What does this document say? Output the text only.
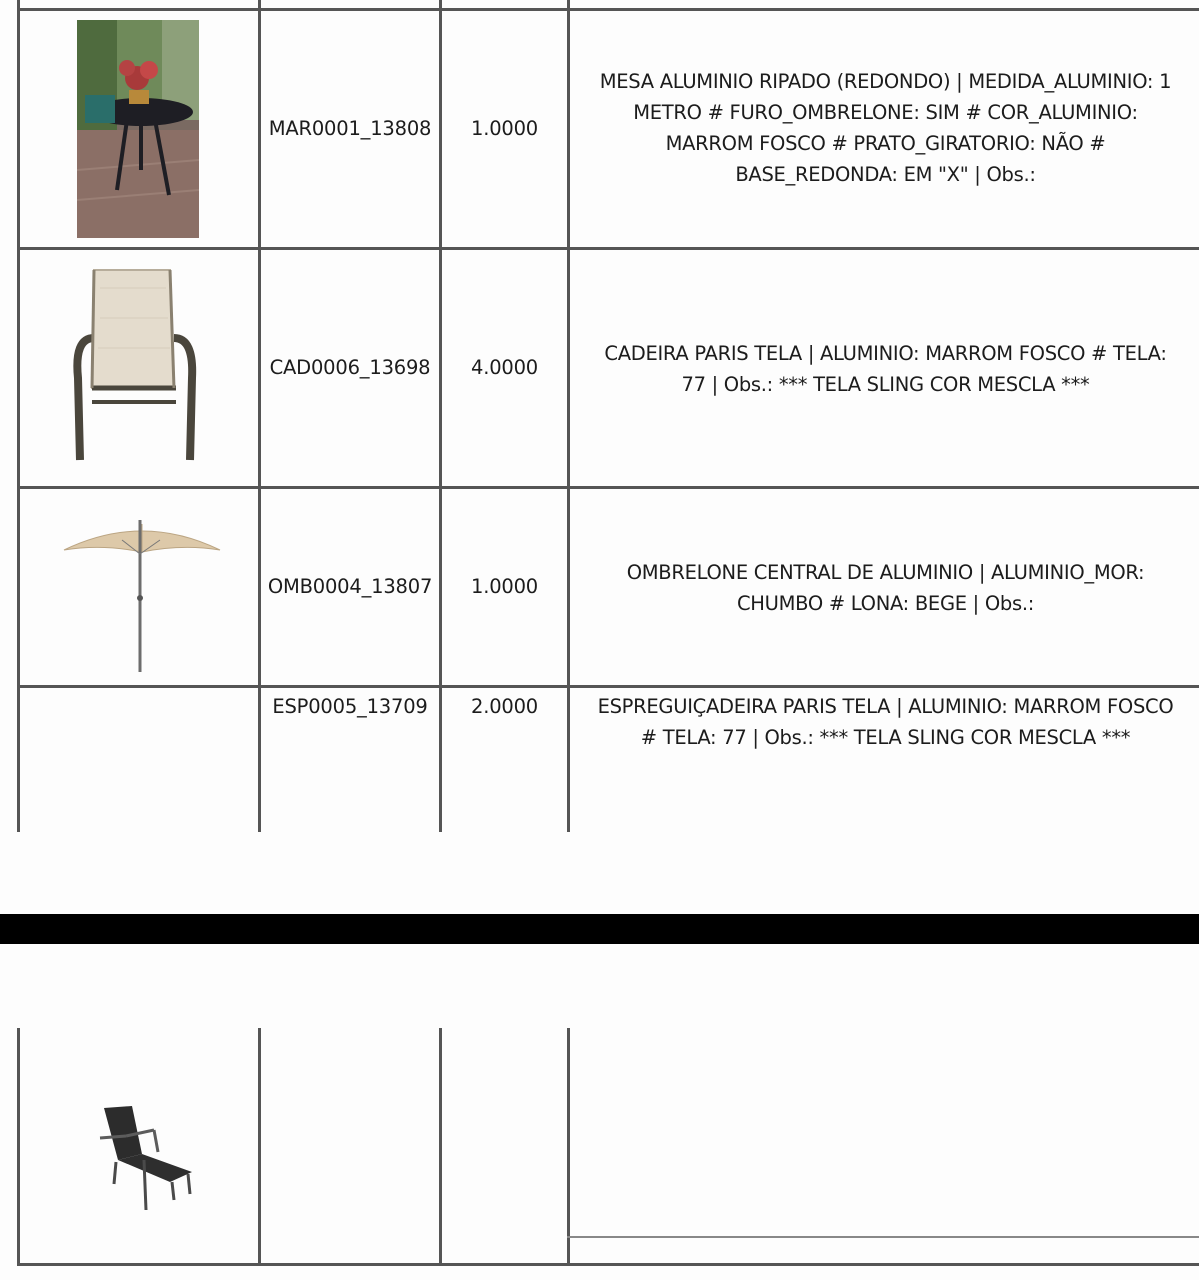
MAR0001_13808	1.0000
MESA ALUMINIO RIPADO (REDONDO) | MEDIDA_ALUMINIO: 1
METRO # FURO_OMBRELONE: SIM # COR_ALUMINIO:
MARROM FOSCO # PRATO_GIRATORIO: NÃO #
BASE_REDONDA: EM "X" | Obs.:
CAD0006_13698	4.0000
CADEIRA PARIS TELA | ALUMINIO: MARROM FOSCO # TELA:
77 | Obs.: *** TELA SLING COR MESCLA ***
OMB0004_13807	1.0000
OMBRELONE CENTRAL DE ALUMINIO | ALUMINIO_MOR:
CHUMBO # LONA: BEGE | Obs.:
ESP0005_13709	2.0000	ESPREGUIÇADEIRA PARIS TELA | ALUMINIO: MARROM FOSCO
# TELA: 77 | Obs.: *** TELA SLING COR MESCLA ***
